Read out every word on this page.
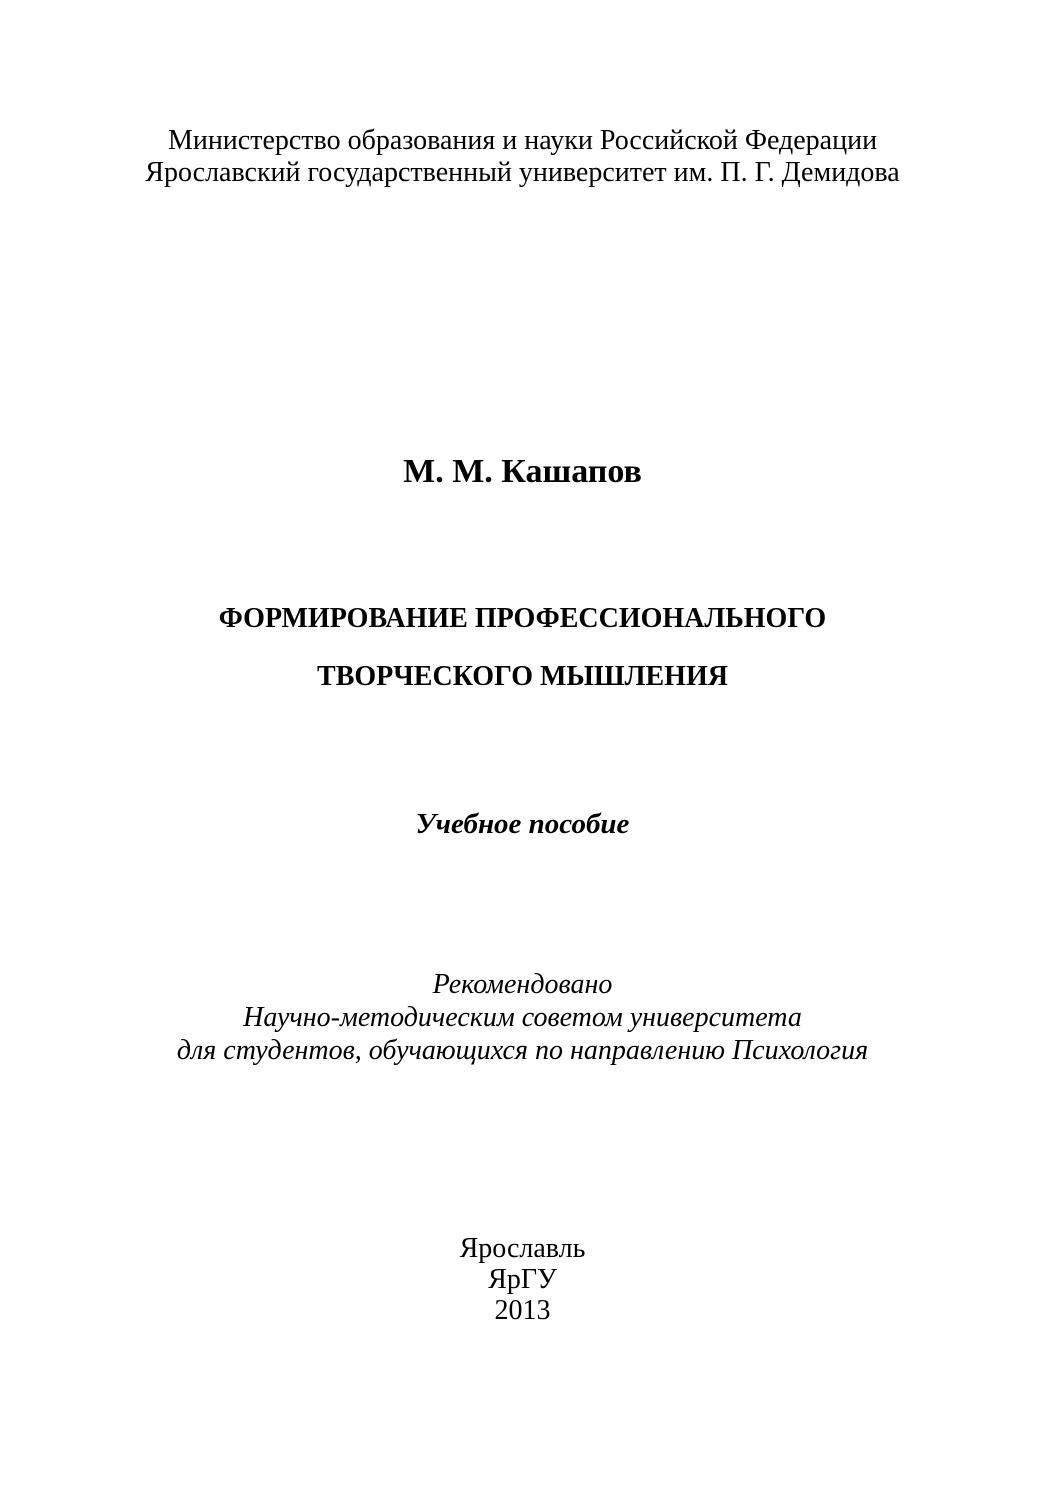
Министерство образования и науки Российской Федерации
Ярославский государственный университет им. П. Г. Демидова
М. М. Кашапов
ФОРМИРОВАНИЕ ПРОФЕССИОНАЛЬНОГО
ТВОРЧЕСКОГО МЫШЛЕНИЯ
Учебное пособие
Рекомендовано
Научно-методическим советом университета
для студентов, обучающихся по направлению Психология
Ярославль
ЯрГУ
2013
